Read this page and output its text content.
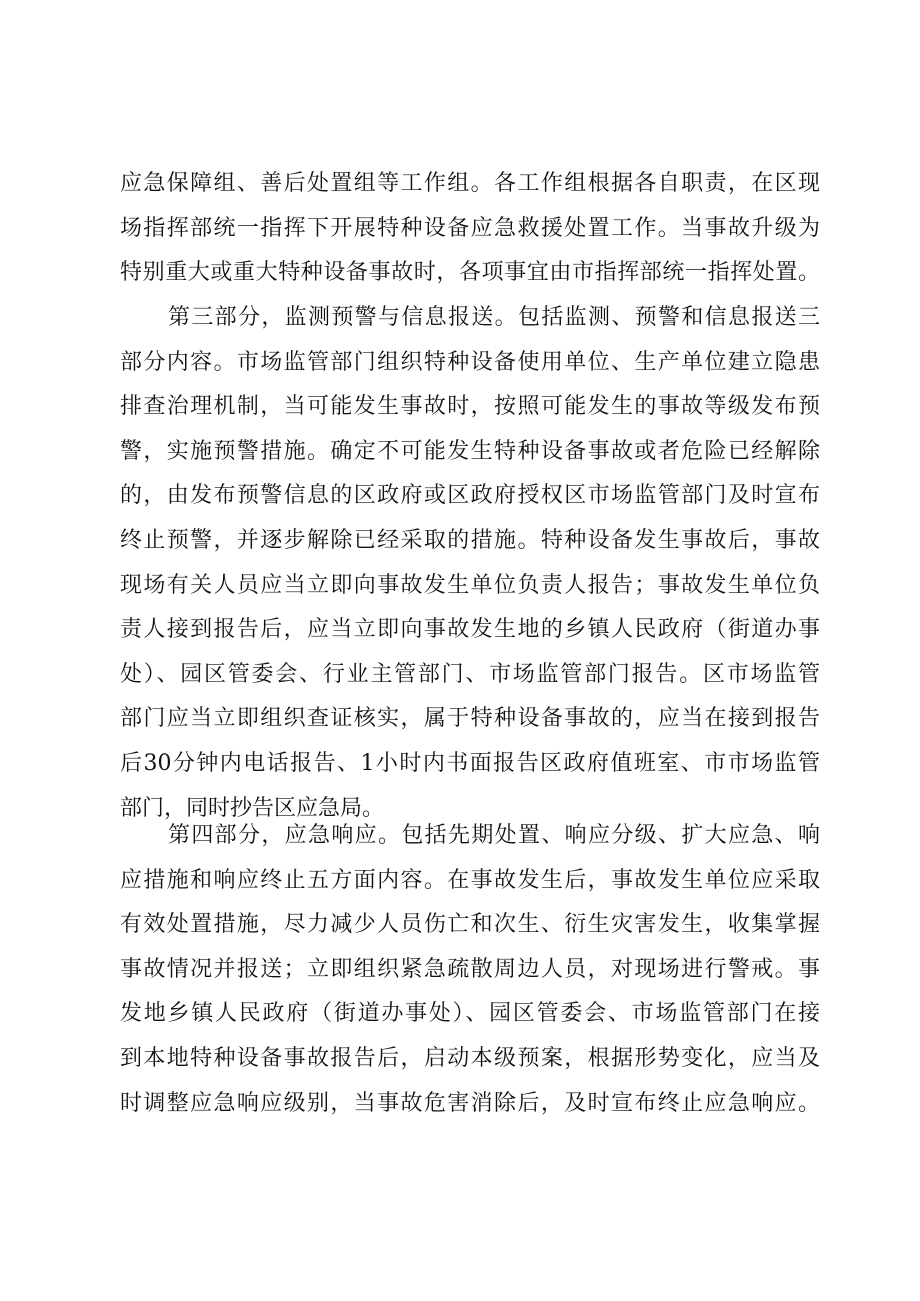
应急保障组、善后处置组等工作组。各工作组根据各自职责，在区现
场指挥部统一指挥下开展特种设备应急救援处置工作。当事故升级为
特别重大或重大特种设备事故时，各项事宜由市指挥部统一指挥处置。
第三部分，监测预警与信息报送。包括监测、预警和信息报送三
部分内容。市场监管部门组织特种设备使用单位、生产单位建立隐患
排查治理机制，当可能发生事故时，按照可能发生的事故等级发布预
警，实施预警措施。确定不可能发生特种设备事故或者危险已经解除
的，由发布预警信息的区政府或区政府授权区市场监管部门及时宣布
终止预警，并逐步解除已经采取的措施。特种设备发生事故后，事故
现场有关人员应当立即向事故发生单位负责人报告；事故发生单位负
责人接到报告后，应当立即向事故发生地的乡镇人民政府（街道办事
处）、园区管委会、行业主管部门、市场监管部门报告。区市场监管
部门应当立即组织查证核实，属于特种设备事故的，应当在接到报告
后30分钟内电话报告、1小时内书面报告区政府值班室、市市场监管
部门，同时抄告区应急局。
第四部分，应急响应。包括先期处置、响应分级、扩大应急、响
应措施和响应终止五方面内容。在事故发生后，事故发生单位应采取
有效处置措施，尽力减少人员伤亡和次生、衍生灾害发生，收集掌握
事故情况并报送；立即组织紧急疏散周边人员，对现场进行警戒。事
发地乡镇人民政府（街道办事处）、园区管委会、市场监管部门在接
到本地特种设备事故报告后，启动本级预案，根据形势变化，应当及
时调整应急响应级别，当事故危害消除后，及时宣布终止应急响应。
